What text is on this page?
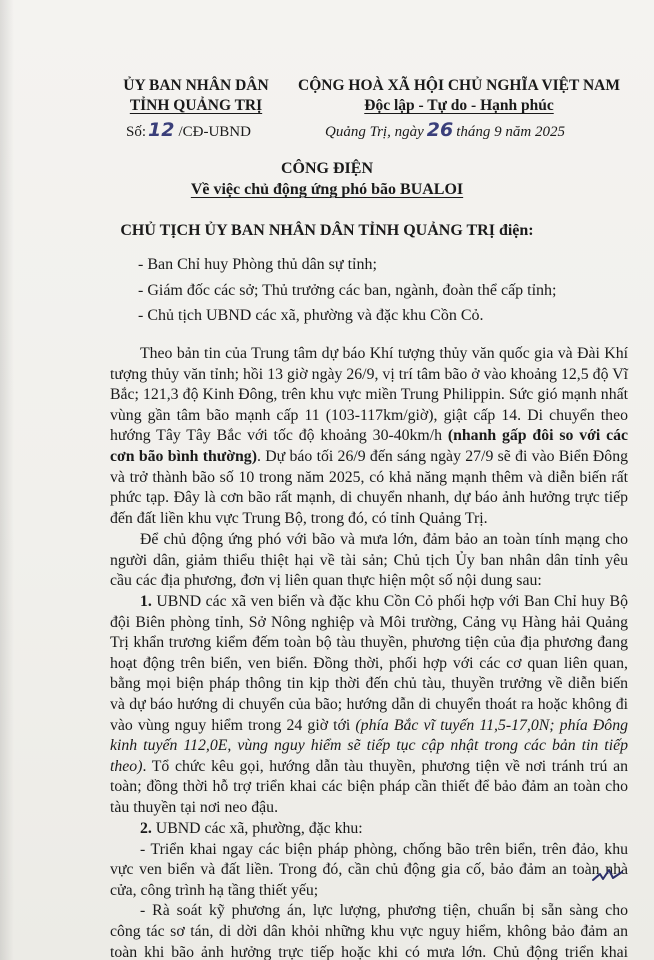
ỦY BAN NHÂN DÂN
TỈNH QUẢNG TRỊ
CỘNG HOÀ XÃ HỘI CHỦ NGHĨA VIỆT NAM
Độc lập - Tự do - Hạnh phúc
Số: 12 /CĐ-UBND	Quảng Trị, ngày 26 tháng 9 năm 2025
CÔNG ĐIỆN
Về việc chủ động ứng phó bão BUALOI
CHỦ TỊCH ỦY BAN NHÂN DÂN TỈNH QUẢNG TRỊ điện:
- Ban Chỉ huy Phòng thủ dân sự tỉnh;
- Giám đốc các sở; Thủ trưởng các ban, ngành, đoàn thể cấp tỉnh;
- Chủ tịch UBND các xã, phường và đặc khu Cồn Cỏ.
Theo bản tin của Trung tâm dự báo Khí tượng thủy văn quốc gia và Đài Khí
tượng thủy văn tỉnh; hồi 13 giờ ngày 26/9, vị trí tâm bão ở vào khoảng 12,5 độ Vĩ
Bắc; 121,3 độ Kinh Đông, trên khu vực miền Trung Philippin. Sức gió mạnh nhất
vùng gần tâm bão mạnh cấp 11 (103-117km/giờ), giật cấp 14. Di chuyển theo
hướng Tây Tây Bắc với tốc độ khoảng 30-40km/h (nhanh gấp đôi so với các
cơn bão bình thường). Dự báo tối 26/9 đến sáng ngày 27/9 sẽ đi vào Biển Đông
và trở thành bão số 10 trong năm 2025, có khả năng mạnh thêm và diễn biến rất
phức tạp. Đây là cơn bão rất mạnh, di chuyển nhanh, dự báo ảnh hưởng trực tiếp
đến đất liền khu vực Trung Bộ, trong đó, có tỉnh Quảng Trị.
Để chủ động ứng phó với bão và mưa lớn, đảm bảo an toàn tính mạng cho
người dân, giảm thiểu thiệt hại về tài sản; Chủ tịch Ủy ban nhân dân tỉnh yêu
cầu các địa phương, đơn vị liên quan thực hiện một số nội dung sau:
1. UBND các xã ven biển và đặc khu Cồn Cỏ phối hợp với Ban Chỉ huy Bộ
đội Biên phòng tỉnh, Sở Nông nghiệp và Môi trường, Cảng vụ Hàng hải Quảng
Trị khẩn trương kiểm đếm toàn bộ tàu thuyền, phương tiện của địa phương đang
hoạt động trên biển, ven biển. Đồng thời, phối hợp với các cơ quan liên quan,
bằng mọi biện pháp thông tin kịp thời đến chủ tàu, thuyền trưởng về diễn biến
và dự báo hướng di chuyển của bão; hướng dẫn di chuyển thoát ra hoặc không đi
vào vùng nguy hiểm trong 24 giờ tới (phía Bắc vĩ tuyến 11,5-17,0N; phía Đông
kinh tuyến 112,0E, vùng nguy hiểm sẽ tiếp tục cập nhật trong các bản tin tiếp
theo). Tổ chức kêu gọi, hướng dẫn tàu thuyền, phương tiện về nơi tránh trú an
toàn; đồng thời hỗ trợ triển khai các biện pháp cần thiết để bảo đảm an toàn cho
tàu thuyền tại nơi neo đậu.
2. UBND các xã, phường, đặc khu:
- Triển khai ngay các biện pháp phòng, chống bão trên biển, trên đảo, khu
vực ven biển và đất liền. Trong đó, cần chủ động gia cố, bảo đảm an toàn nhà
cửa, công trình hạ tầng thiết yếu;
- Rà soát kỹ phương án, lực lượng, phương tiện, chuẩn bị sẵn sàng cho
công tác sơ tán, di dời dân khỏi những khu vực nguy hiểm, không bảo đảm an
toàn khi bão ảnh hưởng trực tiếp hoặc khi có mưa lớn. Chủ động triển khai
